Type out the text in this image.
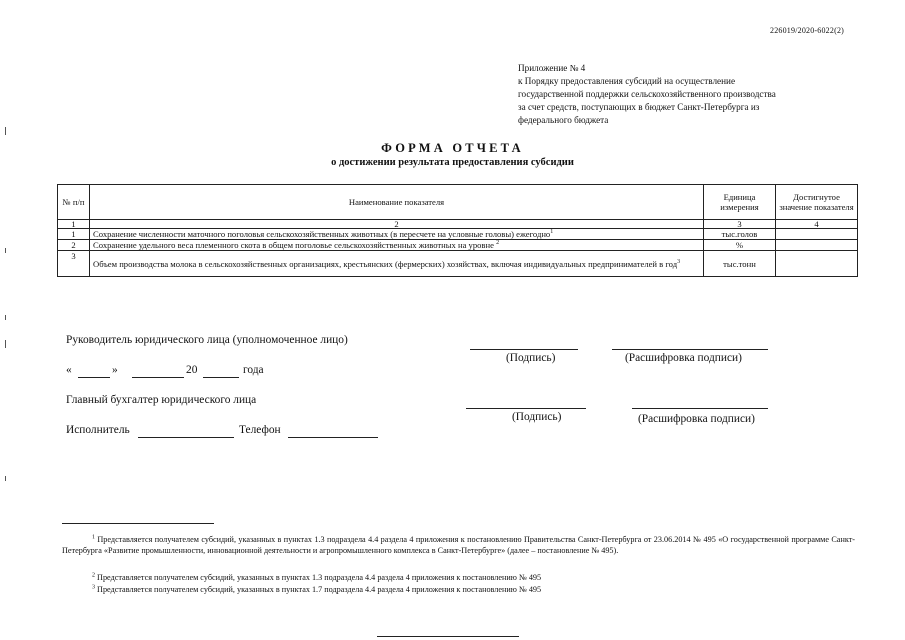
226019/2020-6022(2)
Приложение № 4
к Порядку предоставления субсидий на осуществление
государственной поддержки сельскохозяйственного производства
за счет средств, поступающих в бюджет Санкт-Петербурга из
федерального бюджета
ФОРМА ОТЧЕТА
о достижении результата предоставления субсидии
№ п/п	Наименование показателя	Единица измерения	Достигнутое значение показателя
1	2	3	4
1	Сохранение численности маточного поголовья сельскохозяйственных животных (в пересчете на условные головы) ежегодно$^1$	тыс.голов	
2	Сохранение удельного веса племенного скота в общем поголовье сельскохозяйственных животных на уровне $^2$	%	
3	Объем производства молока в сельскохозяйственных организациях, крестьянских (фермерских) хозяйствах, включая индивидуальных предпринимателей в год$^3$	тыс.тонн	
Руководитель юридического лица (уполномоченное лицо)
(Подпись)	(Расшифровка подписи)
«	»	20	года
Главный бухгалтер юридического лица
(Подпись)	(Расшифровка подписи)
Исполнитель	Телефон
$^1$ Представляется получателем субсидий, указанных в пунктах 1.3 подраздела 4.4 раздела 4 приложения к постановлению Правительства Санкт-Петербурга от 23.06.2014 № 495 «О государственной программе Санкт-Петербурга «Развитие промышленности, инновационной деятельности и агропромышленного комплекса в Санкт-Петербурге» (далее – постановление № 495).
$^2$ Представляется получателем субсидий, указанных в пунктах 1.3 подраздела 4.4 раздела 4 приложения к постановлению № 495
$^3$ Представляется получателем субсидий, указанных в пунктах 1.7 подраздела 4.4 раздела 4 приложения к постановлению № 495
